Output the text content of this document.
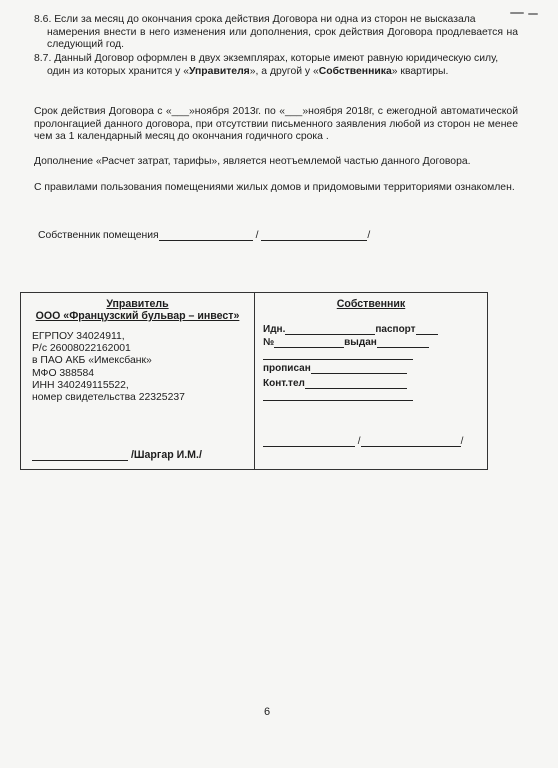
8.6. Если за месяц до окончания срока действия Договора ни одна из сторон не высказала
намерения внести в него изменения или дополнения, срок действия Договора продлевается на следующий год.
8.7. Данный Договор оформлен в двух экземплярах, которые имеют равную юридическую силу,
один из которых хранится у «Управителя», а другой у «Собственника» квартиры.
Срок действия Договора с «___»ноября 2013г. по «___»ноября 2018г, с ежегодной автоматической пролонгацией данного договора, при отсутствии письменного заявления любой из сторон не менее чем за 1 календарный месяц до окончания годичного срока .
Дополнение «Расчет затрат, тарифы», является неотъемлемой частью данного Договора.
С правилами пользования помещениями жилых домов и придомовыми территориями ознакомлен.
Собственник помещения	/	/
Управитель
ООО «Французский бульвар – инвест»
ЕГРПОУ 34024911,
Р/с 26008022162001
в ПАО АКБ «Имексбанк»
МФО 388584
ИНН 340249115522,
номер свидетельства 22325237
/Шаргар И.М./
Собственник
Идн.	паспорт
№	выдан
прописан
Конт.тел
/	/
6
